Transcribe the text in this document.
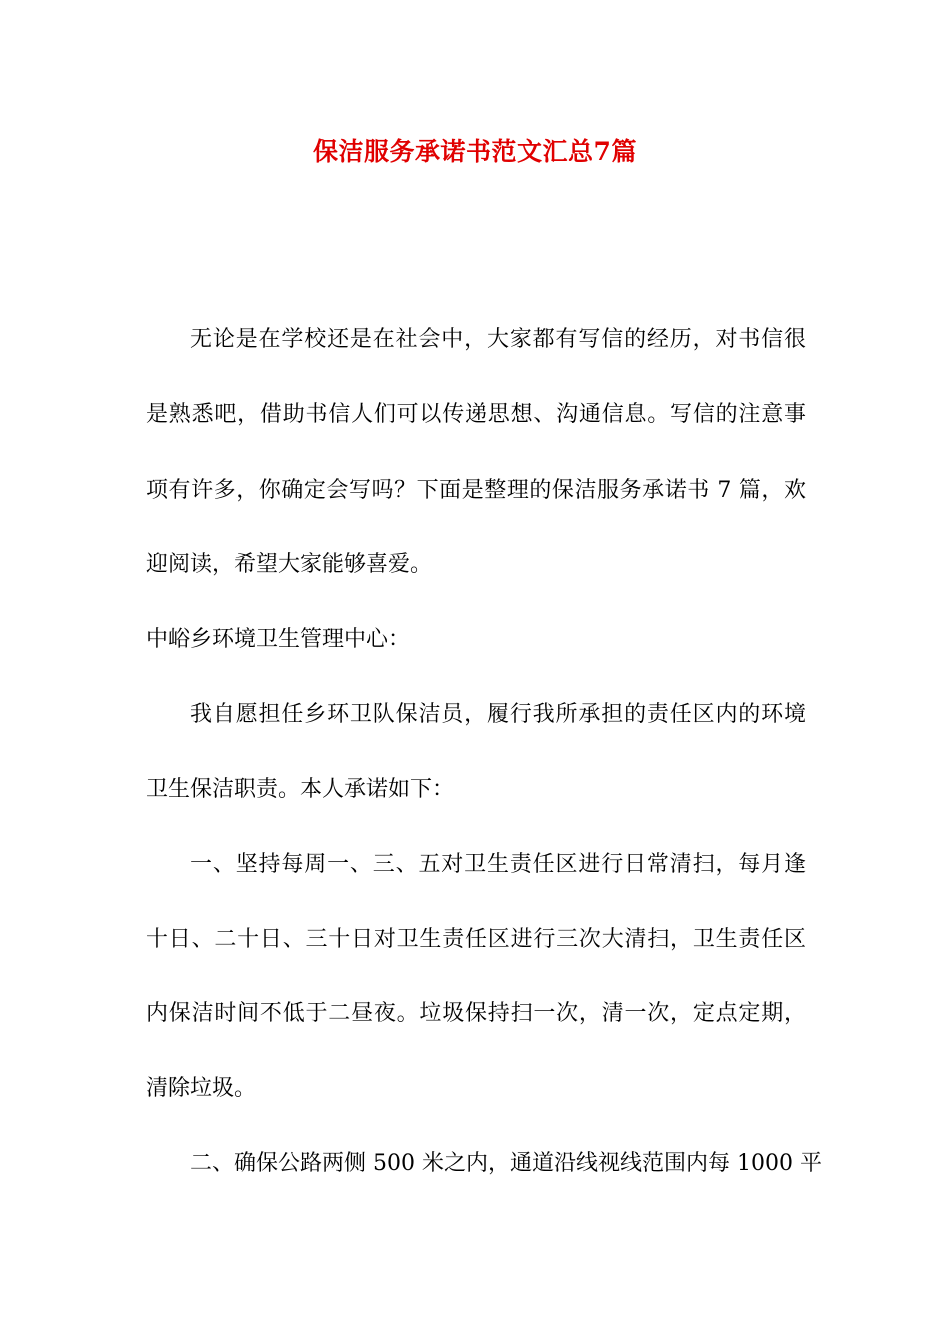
保洁服务承诺书范文汇总7篇
无论是在学校还是在社会中，大家都有写信的经历，对书信很
是熟悉吧，借助书信人们可以传递思想、沟通信息。写信的注意事
项有许多，你确定会写吗？下面是整理的保洁服务承诺书 7 篇，欢
迎阅读，希望大家能够喜爱。
中峪乡环境卫生管理中心：
我自愿担任乡环卫队保洁员，履行我所承担的责任区内的环境
卫生保洁职责。本人承诺如下：
一、坚持每周一、三、五对卫生责任区进行日常清扫，每月逢
十日、二十日、三十日对卫生责任区进行三次大清扫，卫生责任区
内保洁时间不低于二昼夜。垃圾保持扫一次，清一次，定点定期，
清除垃圾。
二、确保公路两侧 500 米之内，通道沿线视线范围内每 1000 平
